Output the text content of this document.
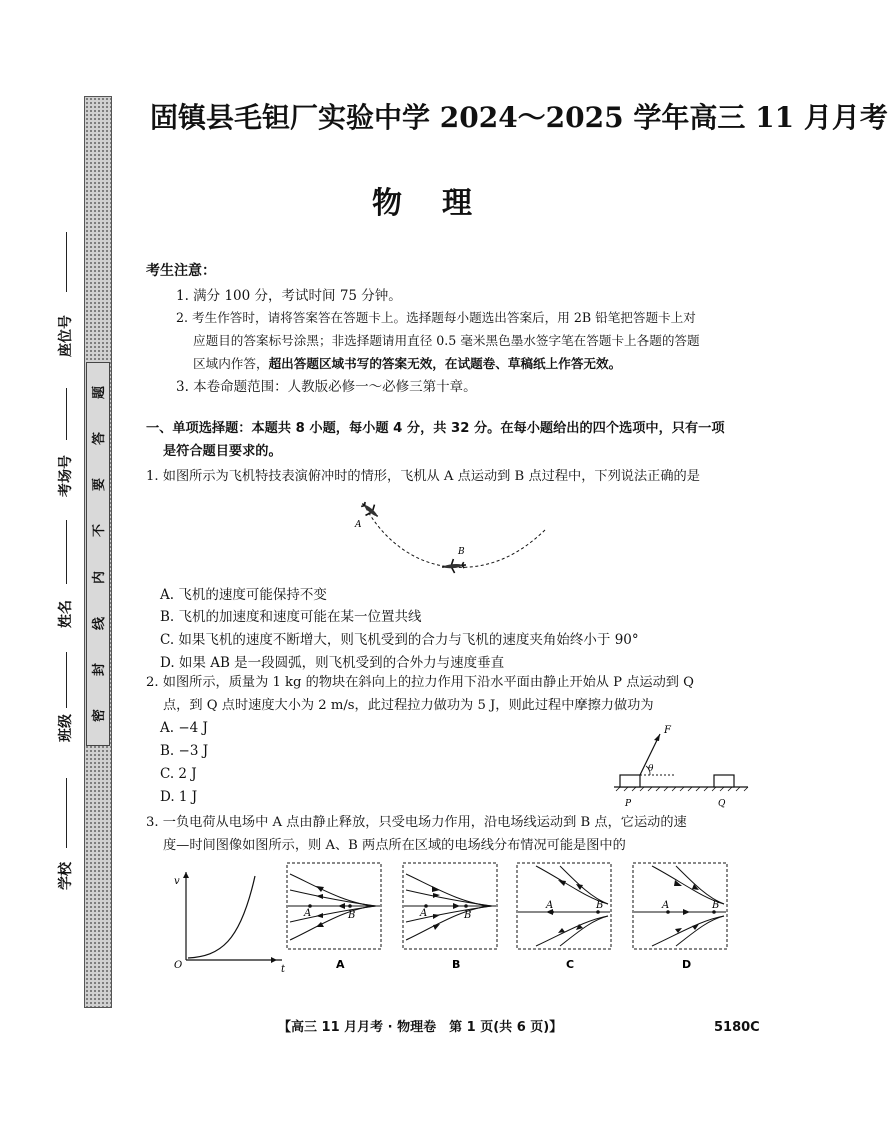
密
封
线
内
不
要
答
题
座位号
考场号
姓名
班级
学校
固镇县毛钽厂实验中学 2024～2025 学年高三 11 月月考
物理
考生注意：
1. 满分 100 分，考试时间 75 分钟。
2. 考生作答时，请将答案答在答题卡上。选择题每小题选出答案后，用 2B 铅笔把答题卡上对
应题目的答案标号涂黑；非选择题请用直径 0.5 毫米黑色墨水签字笔在答题卡上各题的答题
区域内作答，超出答题区域书写的答案无效，在试题卷、草稿纸上作答无效。
3. 本卷命题范围：人教版必修一～必修三第十章。
一、单项选择题：本题共 8 小题，每小题 4 分，共 32 分。在每小题给出的四个选项中，只有一项
是符合题目要求的。
1. 如图所示为飞机特技表演俯冲时的情形，飞机从 A 点运动到 B 点过程中，下列说法正确的是
A
B
A. 飞机的速度可能保持不变
B. 飞机的加速度和速度可能在某一位置共线
C. 如果飞机的速度不断增大，则飞机受到的合力与飞机的速度夹角始终小于 90°
D. 如果 AB 是一段圆弧，则飞机受到的合外力与速度垂直
2. 如图所示，质量为 1 kg 的物块在斜向上的拉力作用下沿水平面由静止开始从 P 点运动到 Q
点，到 Q 点时速度大小为 2 m/s，此过程拉力做功为 5 J，则此过程中摩擦力做功为
A. −4 J
B. −3 J
C. 2 J
D. 1 J
F
θ
P	Q
3. 一负电荷从电场中 A 点由静止释放，只受电场力作用，沿电场线运动到 B 点，它运动的速
度—时间图像如图所示，则 A、B 两点所在区域的电场线分布情况可能是图中的
v
t
O
A	B
A
A	B
B
A	B
C
A	B
D
【高三 11 月月考 · 物理卷　第 1 页(共 6 页)】	5180C
